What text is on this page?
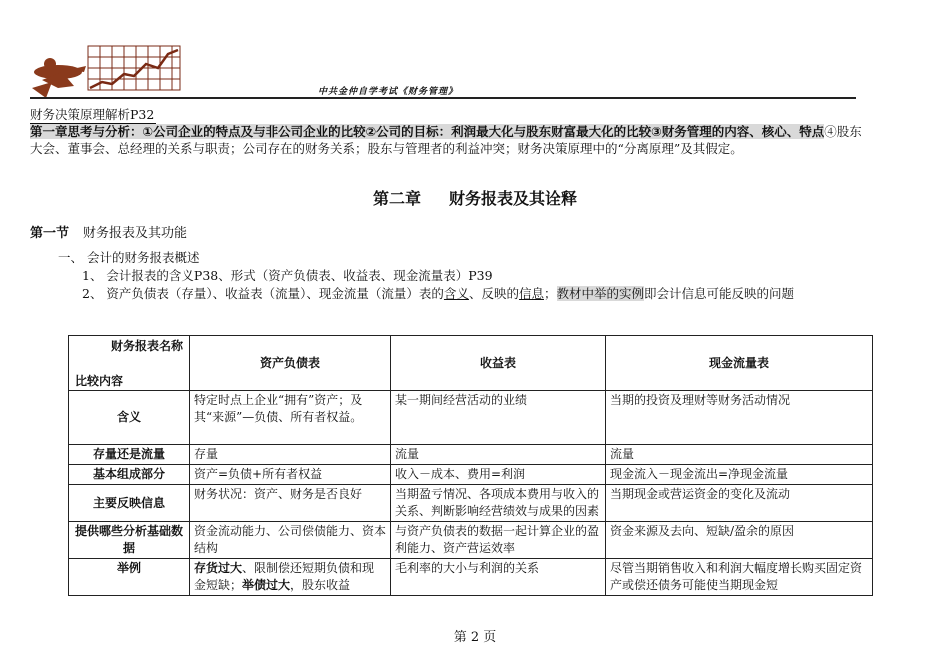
中共金仲自学考试《财务管理》
财务决策原理解析P32
第一章思考与分析：①公司企业的特点及与非公司企业的比较②公司的目标：利润最大化与股东财富最大化的比较③财务管理的内容、核心、特点④股东大会、董事会、总经理的关系与职责；公司存在的财务关系；股东与管理者的利益冲突；财务决策原理中的“分离原理”及其假定。
第二章 财务报表及其诠释
第一节 财务报表及其功能
一、 会计的财务报表概述
1、 会计报表的含义P38、形式（资产负债表、收益表、现金流量表）P39
2、 资产负债表（存量）、收益表（流量）、现金流量（流量）表的含义、反映的信息；教材中举的实例即会计信息可能反映的问题
财务报表名称
比较内容	资产负债表	收益表	现金流量表
含义	特定时点上企业“拥有”资产；及其“来源”—负债、所有者权益。	某一期间经营活动的业绩	当期的投资及理财等财务活动情况
存量还是流量	存量	流量	流量
基本组成部分	资产=负债+所有者权益	收入－成本、费用=利润	现金流入－现金流出=净现金流量
主要反映信息	财务状况：资产、财务是否良好	当期盈亏情况、各项成本费用与收入的关系、判断影响经营绩效与成果的因素	当期现金或营运资金的变化及流动
提供哪些分析基础数据	资金流动能力、公司偿债能力、资本结构	与资产负债表的数据一起计算企业的盈利能力、资产营运效率	资金来源及去向、短缺/盈余的原因
举例	存货过大、限制偿还短期负债和现金短缺；举债过大，股东收益	毛利率的大小与利润的关系	尽管当期销售收入和利润大幅度增长购买固定资产或偿还债务可能使当期现金短
第 2 页
